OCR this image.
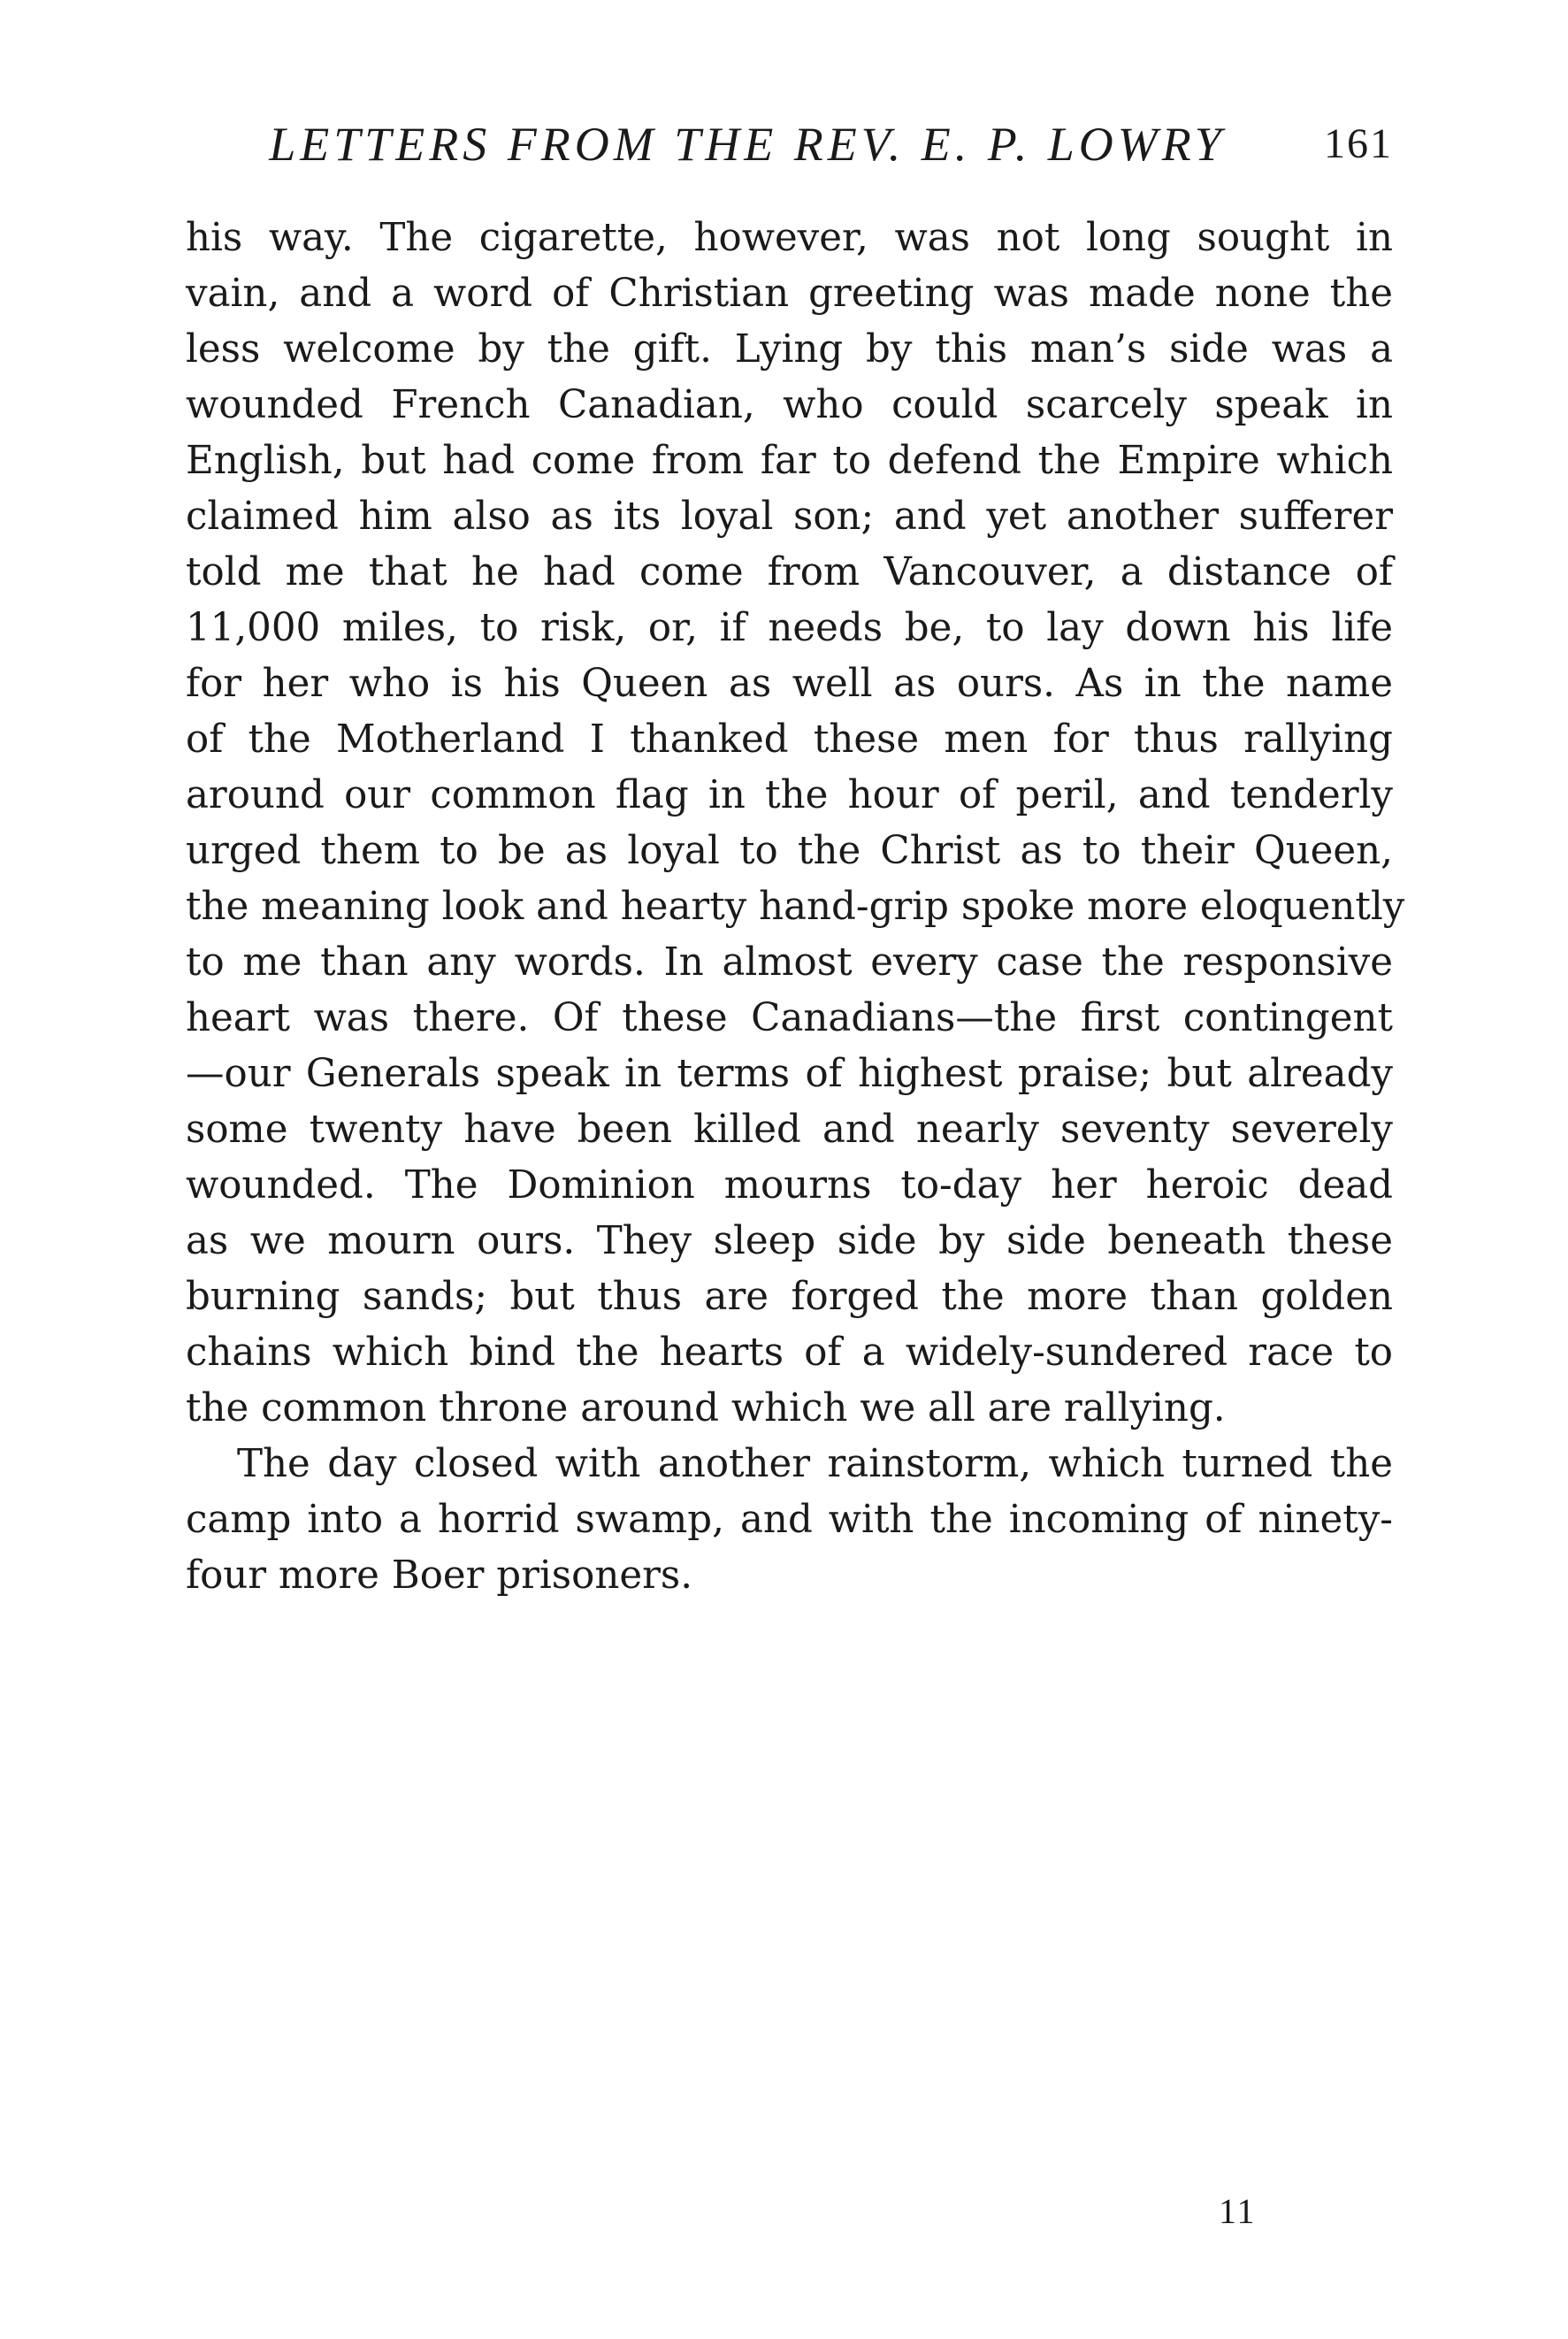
LETTERS FROM THE REV. E. P. LOWRY	161
his way. The cigarette, however, was not long sought in
vain, and a word of Christian greeting was made none the
less welcome by the gift. Lying by this man’s side was a
wounded French Canadian, who could scarcely speak in
English, but had come from far to defend the Empire which
claimed him also as its loyal son; and yet another sufferer
told me that he had come from Vancouver, a distance of
11,000 miles, to risk, or, if needs be, to lay down his life
for her who is his Queen as well as ours. As in the name
of the Motherland I thanked these men for thus rallying
around our common flag in the hour of peril, and tenderly
urged them to be as loyal to the Christ as to their Queen,
the meaning look and hearty hand-grip spoke more eloquently
to me than any words. In almost every case the responsive
heart was there. Of these Canadians—the first contingent
—our Generals speak in terms of highest praise; but already
some twenty have been killed and nearly seventy severely
wounded. The Dominion mourns to-day her heroic dead
as we mourn ours. They sleep side by side beneath these
burning sands; but thus are forged the more than golden
chains which bind the hearts of a widely-sundered race to
the common throne around which we all are rallying.
The day closed with another rainstorm, which turned the
camp into a horrid swamp, and with the incoming of ninety-
four more Boer prisoners.
11
